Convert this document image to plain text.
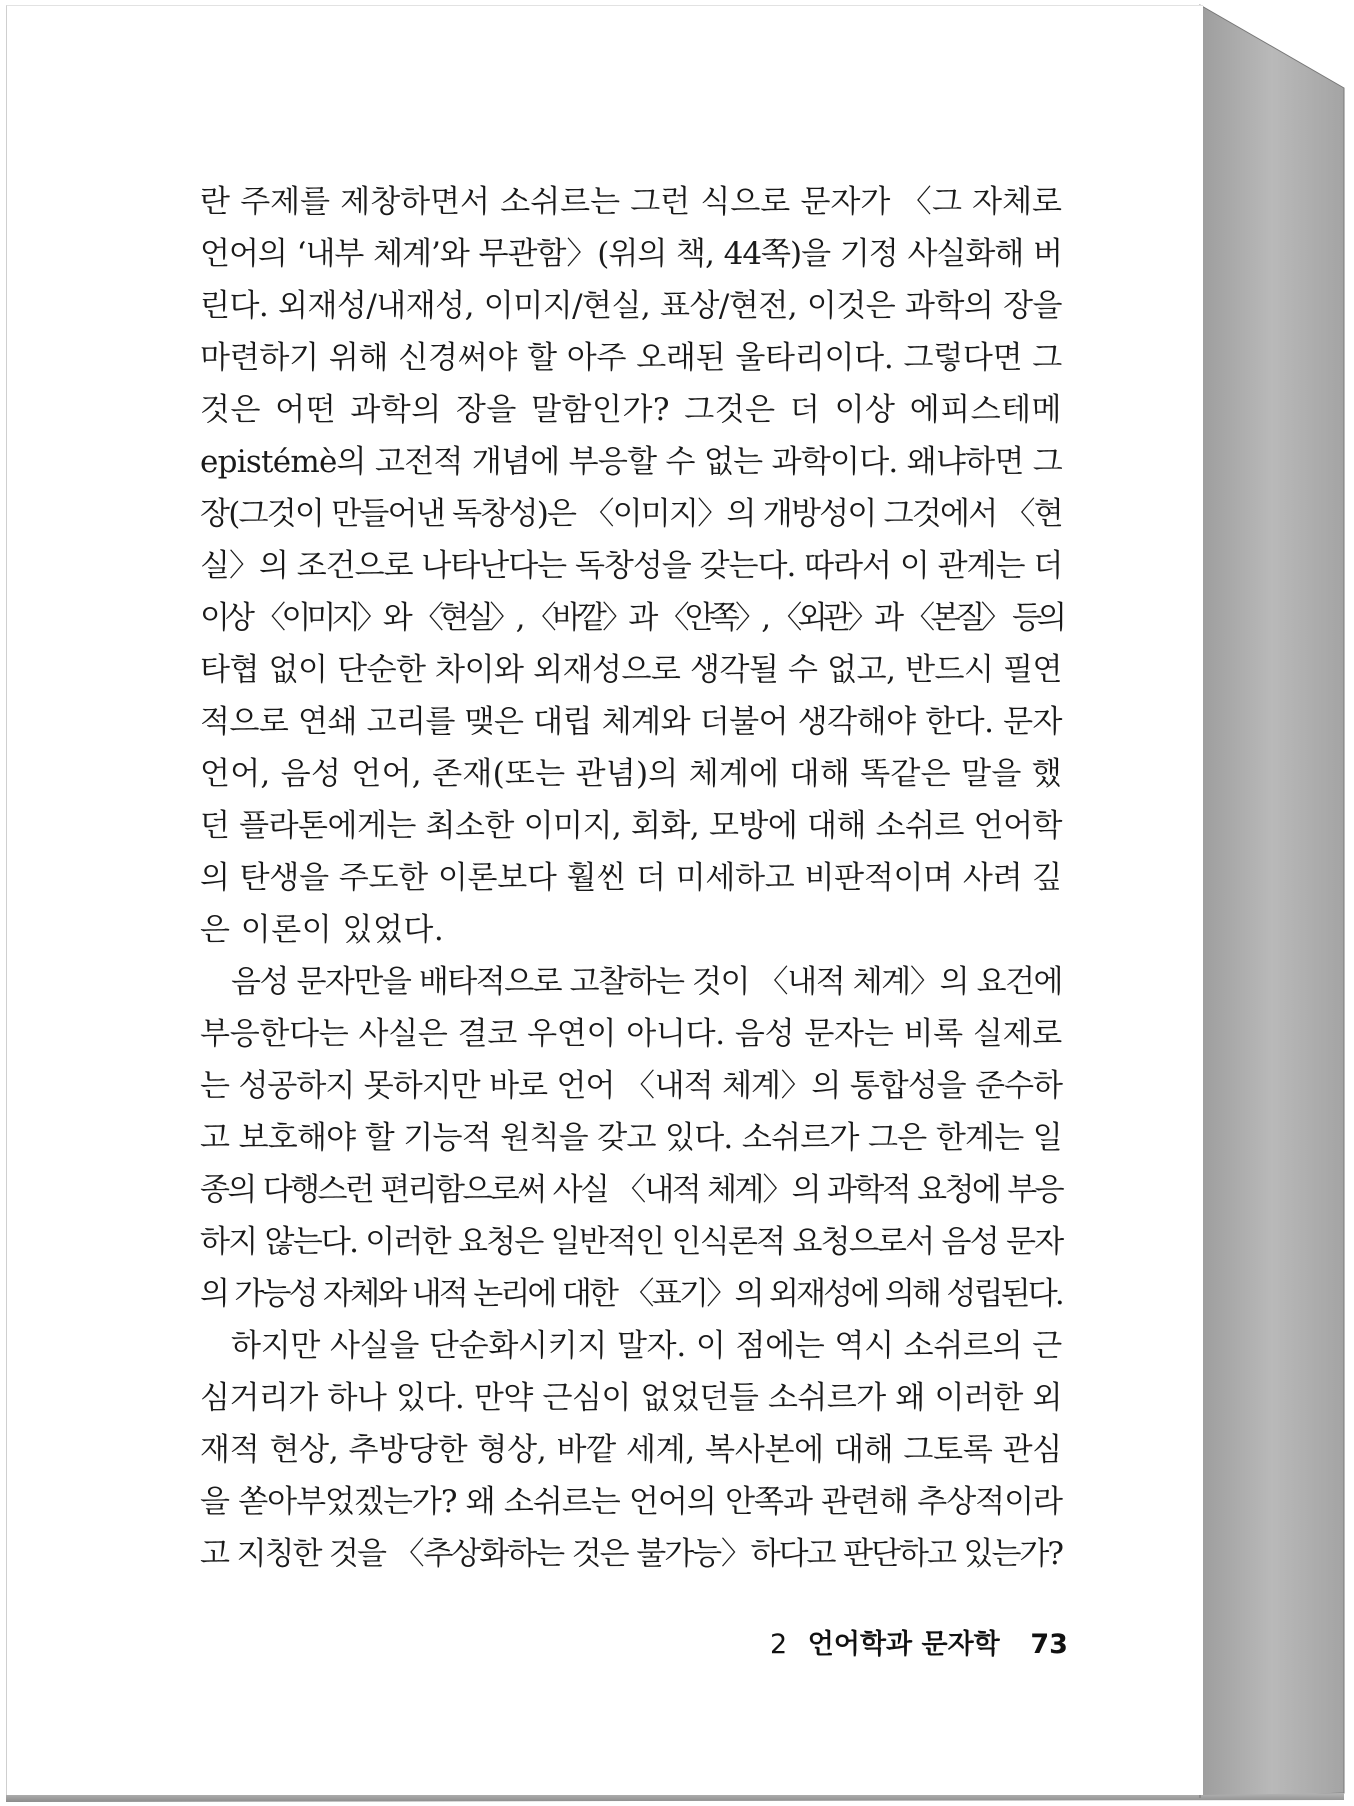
란 주제를 제창하면서 소쉬르는 그런 식으로 문자가 〈그 자체로
언어의 ‘내부 체계’와 무관함〉(위의 책, 44쪽)을 기정 사실화해 버
린다. 외재성/내재성, 이미지/현실, 표상/현전, 이것은 과학의 장을
마련하기 위해 신경써야 할 아주 오래된 울타리이다. 그렇다면 그
것은 어떤 과학의 장을 말함인가? 그것은 더 이상 에피스테메
epistémè의 고전적 개념에 부응할 수 없는 과학이다. 왜냐하면 그
장(그것이 만들어낸 독창성)은 〈이미지〉의 개방성이 그것에서 〈현
실〉의 조건으로 나타난다는 독창성을 갖는다. 따라서 이 관계는 더
이상 〈이미지〉와 〈현실〉, 〈바깥〉과 〈안쪽〉, 〈외관〉과 〈본질〉 등의
타협 없이 단순한 차이와 외재성으로 생각될 수 없고, 반드시 필연
적으로 연쇄 고리를 맺은 대립 체계와 더불어 생각해야 한다. 문자
언어, 음성 언어, 존재(또는 관념)의 체계에 대해 똑같은 말을 했
던 플라톤에게는 최소한 이미지, 회화, 모방에 대해 소쉬르 언어학
의 탄생을 주도한 이론보다 훨씬 더 미세하고 비판적이며 사려 깊
은 이론이 있었다.
음성 문자만을 배타적으로 고찰하는 것이 〈내적 체계〉의 요건에
부응한다는 사실은 결코 우연이 아니다. 음성 문자는 비록 실제로
는 성공하지 못하지만 바로 언어 〈내적 체계〉의 통합성을 준수하
고 보호해야 할 기능적 원칙을 갖고 있다. 소쉬르가 그은 한계는 일
종의 다행스런 편리함으로써 사실 〈내적 체계〉의 과학적 요청에 부응
하지 않는다. 이러한 요청은 일반적인 인식론적 요청으로서 음성 문자
의 가능성 자체와 내적 논리에 대한 〈표기〉의 외재성에 의해 성립된다.
하지만 사실을 단순화시키지 말자. 이 점에는 역시 소쉬르의 근
심거리가 하나 있다. 만약 근심이 없었던들 소쉬르가 왜 이러한 외
재적 현상, 추방당한 형상, 바깥 세계, 복사본에 대해 그토록 관심
을 쏟아부었겠는가? 왜 소쉬르는 언어의 안쪽과 관련해 추상적이라
고 지칭한 것을 〈추상화하는 것은 불가능〉하다고 판단하고 있는가?
2 언어학과 문자학 73
